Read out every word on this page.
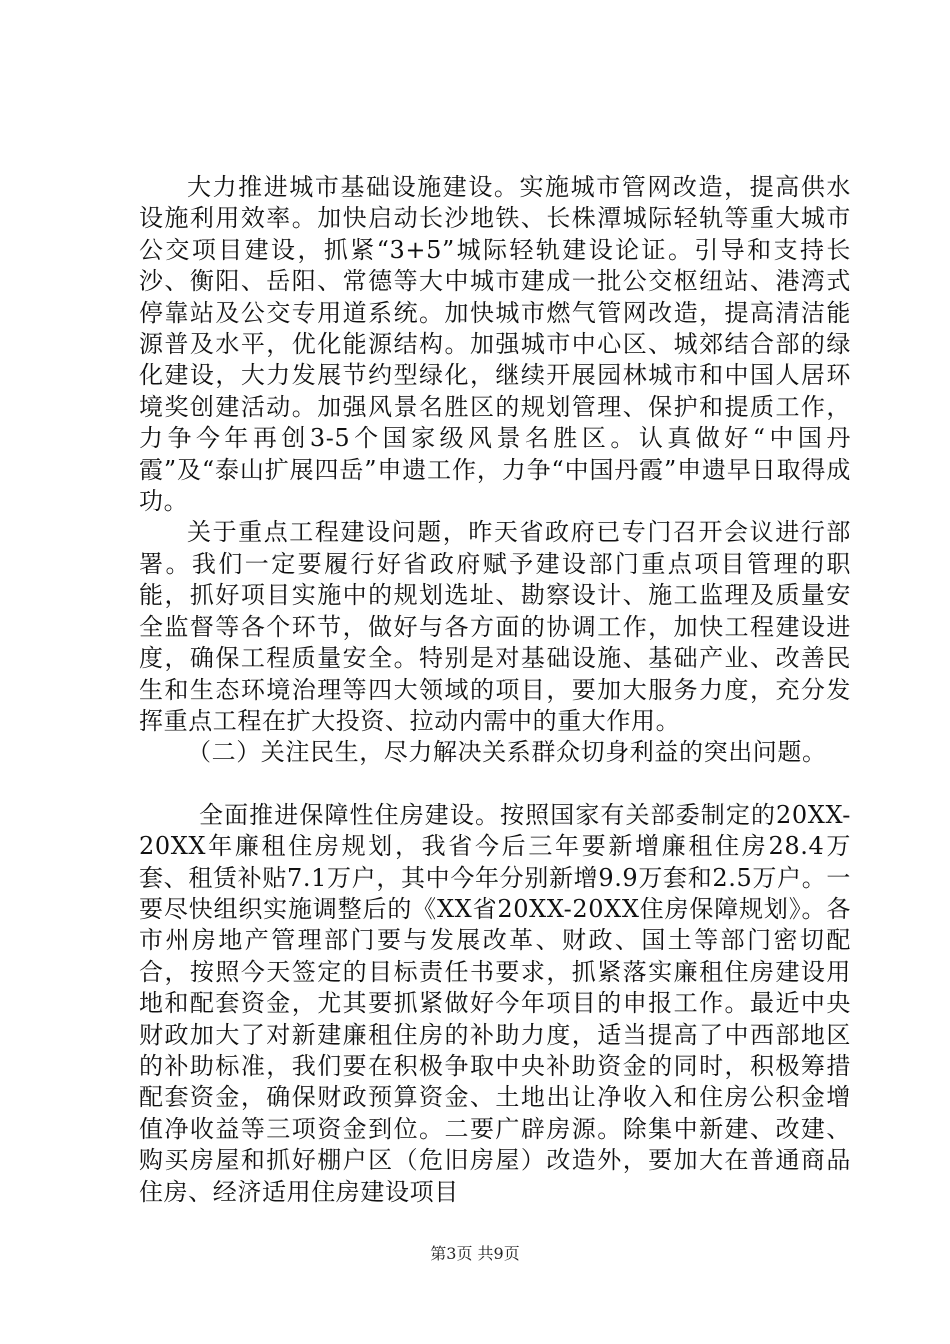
大力推进城市基础设施建设。实施城市管网改造，提高供水设施利用效率。加快启动长沙地铁、长株潭城际轻轨等重大城市公交项目建设，抓紧“3+5”城际轻轨建设论证。引导和支持长沙、衡阳、岳阳、常德等大中城市建成一批公交枢纽站、港湾式停靠站及公交专用道系统。加快城市燃气管网改造，提高清洁能源普及水平，优化能源结构。加强城市中心区、城郊结合部的绿化建设，大力发展节约型绿化，继续开展园林城市和中国人居环境奖创建活动。加强风景名胜区的规划管理、保护和提质工作，力争今年再创3-5个国家级风景名胜区。认真做好“中国丹霞”及“泰山扩展四岳”申遗工作，力争“中国丹霞”申遗早日取得成功。

关于重点工程建设问题，昨天省政府已专门召开会议进行部署。我们一定要履行好省政府赋予建设部门重点项目管理的职能，抓好项目实施中的规划选址、勘察设计、施工监理及质量安全监督等各个环节，做好与各方面的协调工作，加快工程建设进度，确保工程质量安全。特别是对基础设施、基础产业、改善民生和生态环境治理等四大领域的项目，要加大服务力度，充分发挥重点工程在扩大投资、拉动内需中的重大作用。

（二）关注民生，尽力解决关系群众切身利益的突出问题。

全面推进保障性住房建设。按照国家有关部委制定的20XX-20XX年廉租住房规划，我省今后三年要新增廉租住房28.4万套、租赁补贴7.1万户，其中今年分别新增9.9万套和2.5万户。一要尽快组织实施调整后的《XX省20XX-20XX住房保障规划》。各市州房地产管理部门要与发展改革、财政、国土等部门密切配合，按照今天签定的目标责任书要求，抓紧落实廉租住房建设用地和配套资金，尤其要抓紧做好今年项目的申报工作。最近中央财政加大了对新建廉租住房的补助力度，适当提高了中西部地区的补助标准，我们要在积极争取中央补助资金的同时，积极筹措配套资金，确保财政预算资金、土地出让净收入和住房公积金增值净收益等三项资金到位。二要广辟房源。除集中新建、改建、购买房屋和抓好棚户区（危旧房屋）改造外，要加大在普通商品住房、经济适用住房建设项目

第3页 共9页
